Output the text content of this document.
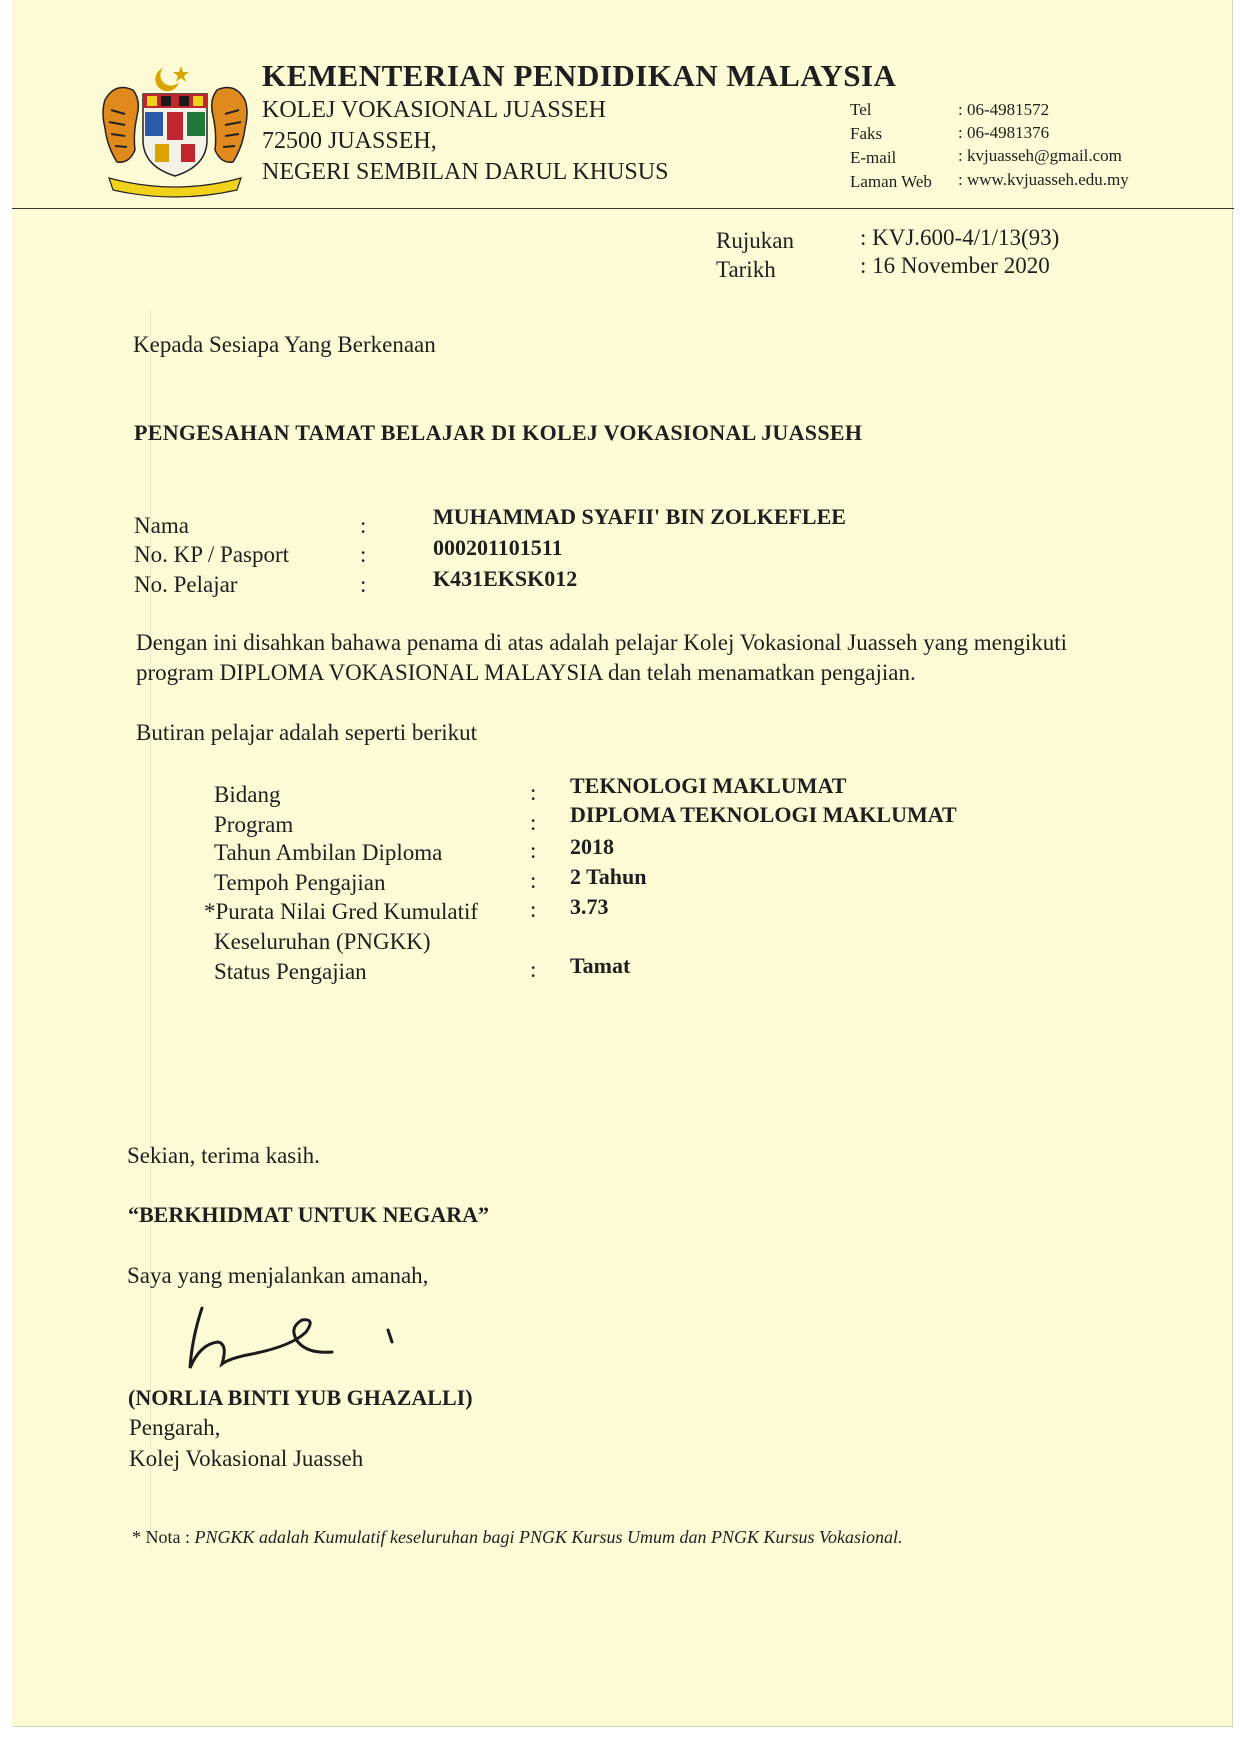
KEMENTERIAN PENDIDIKAN MALAYSIA
KOLEJ VOKASIONAL JUASSEH
72500 JUASSEH,
NEGERI SEMBILAN DARUL KHUSUS
Tel	: 06-4981572
Faks	: 06-4981376
E-mail	: kvjuasseh@gmail.com
Laman Web : www.kvjuasseh.edu.my
Rujukan	: KVJ.600-4/1/13(93)
Tarikh	: 16 November 2020
Kepada Sesiapa Yang Berkenaan
PENGESAHAN TAMAT BELAJAR DI KOLEJ VOKASIONAL JUASSEH
Nama	:	MUHAMMAD SYAFII' BIN ZOLKEFLEE
No. KP / Pasport	:	000201101511
No. Pelajar	:	K431EKSK012
Dengan ini disahkan bahawa penama di atas adalah pelajar Kolej Vokasional Juasseh yang mengikuti
program DIPLOMA VOKASIONAL MALAYSIA dan telah menamatkan pengajian.
Butiran pelajar adalah seperti berikut
Bidang	: TEKNOLOGI MAKLUMAT
Program	: DIPLOMA TEKNOLOGI MAKLUMAT
Tahun Ambilan Diploma	: 2018
Tempoh Pengajian	: 2 Tahun
*Purata Nilai Gred Kumulatif : 3.73
Keseluruhan (PNGKK)
Status Pengajian	: Tamat
Sekian, terima kasih.
“BERKHIDMAT UNTUK NEGARA”
Saya yang menjalankan amanah,
(NORLIA BINTI YUB GHAZALLI)
Pengarah,
Kolej Vokasional Juasseh
* Nota : PNGKK adalah Kumulatif keseluruhan bagi PNGK Kursus Umum dan PNGK Kursus Vokasional.
